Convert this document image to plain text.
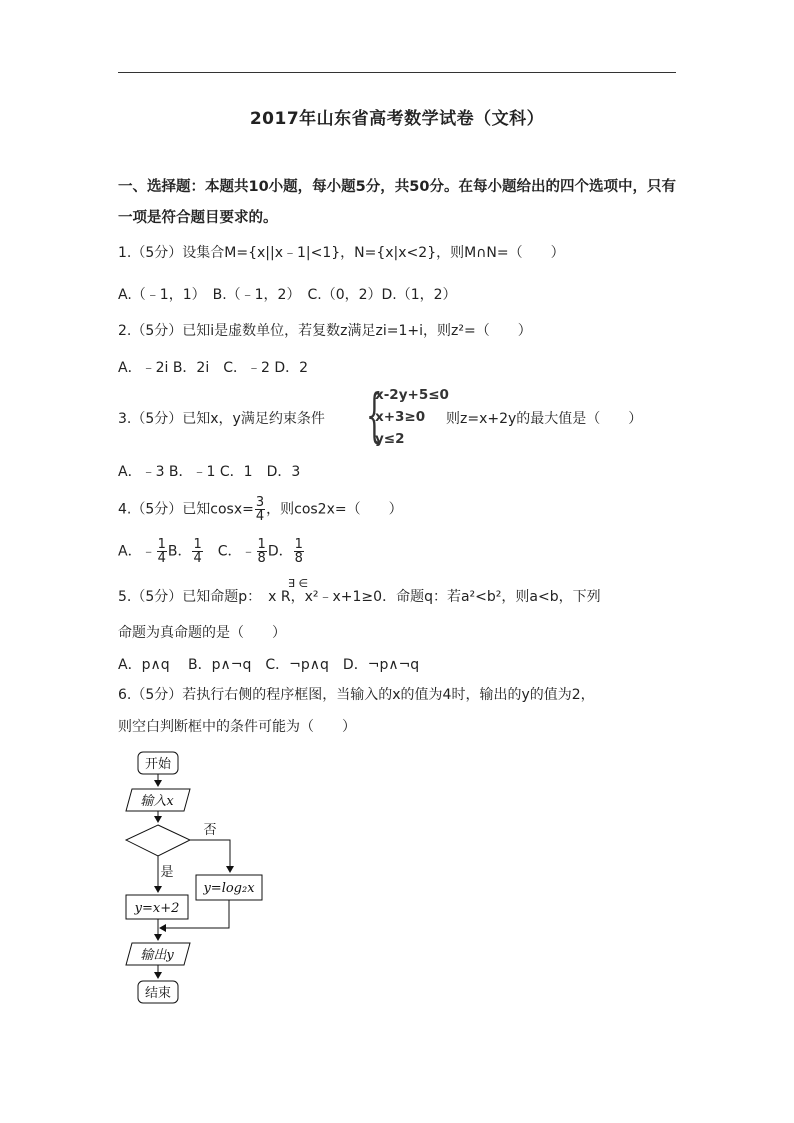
2017年山东省高考数学试卷（文科）
一、选择题：本题共10小题，每小题5分，共50分。在每小题给出的四个选项中，只有一项是符合题目要求的。
1.（5分）设集合M={x||x﹣1|<1}，N={x|x<2}，则M∩N=（　　）
A.（﹣1，1）　B.（﹣1，2）　C.（0，2）D.（1，2）
2.（5分）已知i是虚数单位，若复数z满足zi=1+i，则z²=（　　）
A．﹣2i B．2i　C．﹣2 D．2
3.（5分）已知x，y满足约束条件 {
x-2y+5≤0
x+3≥0
y≤2
则z=x+2y的最大值是（　　）
A．﹣3 B．﹣1 C．1　D．3
4.（5分）已知$\cos x= \frac{3}{4}$ ，则cos2x=（　　）
A．﹣ $\frac{1}{4}$ B． $\frac{1}{4}$ 　C．﹣ $\frac{1}{8}$ D． $\frac{1}{8}$
∃ ∈
5.（5分）已知命题p：　x R，x²﹣x+1≥0．命题q：若a²<b²，则a<b，下列
命题为真命题的是（　　）
A．p∧q　 B．p∧¬q　C．¬p∧q　D．¬p∧¬q
6.（5分）若执行右侧的程序框图，当输入的x的值为4时，输出的y的值为2，
则空白判断框中的条件可能为（　　）
开始
输入x
否
y=log₂x
是
y=x+2
输出y
结束
